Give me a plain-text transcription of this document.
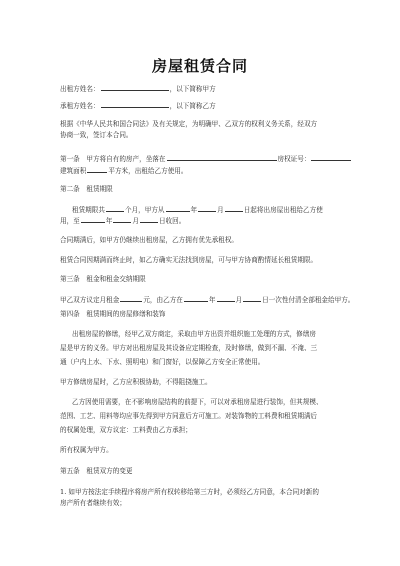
房屋租赁合同
出租方姓名：	，以下简称甲方
承租方姓名：	，以下简称乙方
根据《中华人民共和国合同法》及有关规定，为明确甲、乙双方的权利义务关系，经双方
协商一致，签订本合同。
第一条　甲方将自有的房产，坐落在	房权证号：
建筑面积	平方米，出租给乙方使用。
第二条　租赁期限
租赁期限共	个月，甲方从	年	月	日起将出房屋出租给乙方使
用，至	年	月	日收回。
合同期满后，如甲方仍继续出租房屋，乙方拥有优先承租权。
租赁合同因期满而终止时，如乙方确实无法找到房屋，可与甲方协商酌情延长租赁期限。
第三条　租金和租金交纳期限
甲乙双方议定月租金	元，由乙方在	年	月	日一次性付清全部租金给甲方。
第四条　租赁期间的房屋修缮和装饰
出租房屋的修缮，经甲乙双方商定，采取由甲方出资并组织施工处理的方式，修缮房
屋是甲方的义务。甲方对出租房屋及其设备应定期检查，及时修缮，做到不漏、不淹、三
通（户内上水、下水、照明电）和门窗好，以保障乙方安全正常使用。
甲方修缮房屋时，乙方应积极协助，不得阻挠施工。
乙方因使用需要，在不影响房屋结构的前提下，可以对承租房屋进行装饰，但其规模、
范围、工艺、用料等均应事先得到甲方同意后方可施工。对装饰物的工料费和租赁期满后
的权属处理，双方议定：工料费由乙方承担；
所有权属为甲方。
第五条　租赁双方的变更
1. 如甲方按法定手续程序将房产所有权转移给第三方时，必须经乙方同意，本合同对新的
房产所有者继续有效；
